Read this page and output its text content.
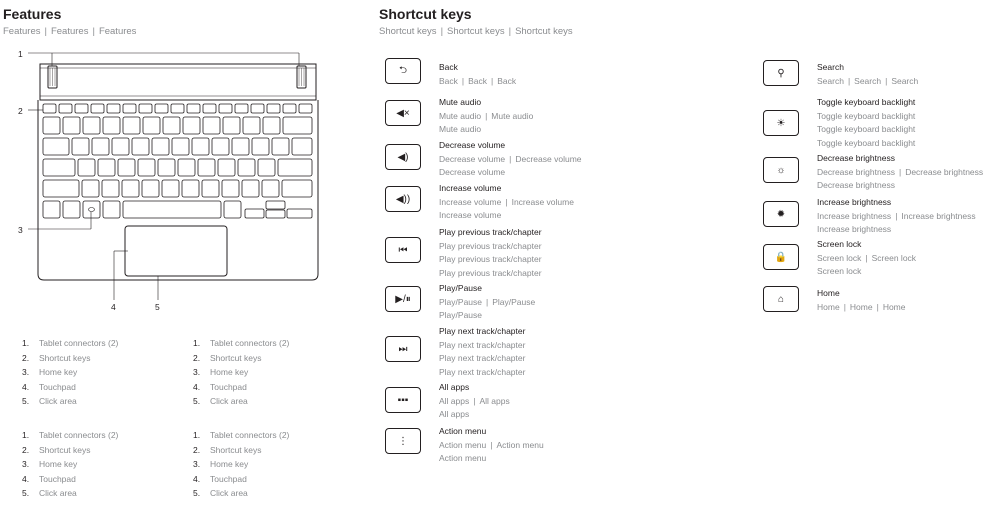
Features
Features | Features | Features
1
2
3
4	5
1.	Tablet connectors (2)
2.	Shortcut keys
3.	Home key
4.	Touchpad
5.	Click area
1.	Tablet connectors (2)
2.	Shortcut keys
3.	Home key
4.	Touchpad
5.	Click area
1.	Tablet connectors (2)
2.	Shortcut keys
3.	Home key
4.	Touchpad
5.	Click area
1.	Tablet connectors (2)
2.	Shortcut keys
3.	Home key
4.	Touchpad
5.	Click area
Shortcut keys
Shortcut keys | Shortcut keys | Shortcut keys
⮌	Back
Back | Back | Back
◀×
Mute audio
Mute audio | Mute audio
Mute audio
◀)
Decrease volume
Decrease volume | Decrease volume
Decrease volume
◀))
Increase volume
Increase volume | Increase volume
Increase volume
⏮
Play previous track/chapter
Play previous track/chapter
Play previous track/chapter
Play previous track/chapter
▶/⏸
Play/Pause
Play/Pause | Play/Pause
Play/Pause
⏭
Play next track/chapter
Play next track/chapter
Play next track/chapter
Play next track/chapter
▪▪▪
All apps
All apps | All apps
All apps
⋮
Action menu
Action menu | Action menu
Action menu
⚲
Search
Search | Search | Search
☀
Toggle keyboard backlight
Toggle keyboard backlight
Toggle keyboard backlight
Toggle keyboard backlight
☼
Decrease brightness
Decrease brightness | Decrease brightness
Decrease brightness
✹
Increase brightness
Increase brightness | Increase brightness
Increase brightness
🔒
Screen lock
Screen lock | Screen lock
Screen lock
⌂
Home
Home | Home | Home
